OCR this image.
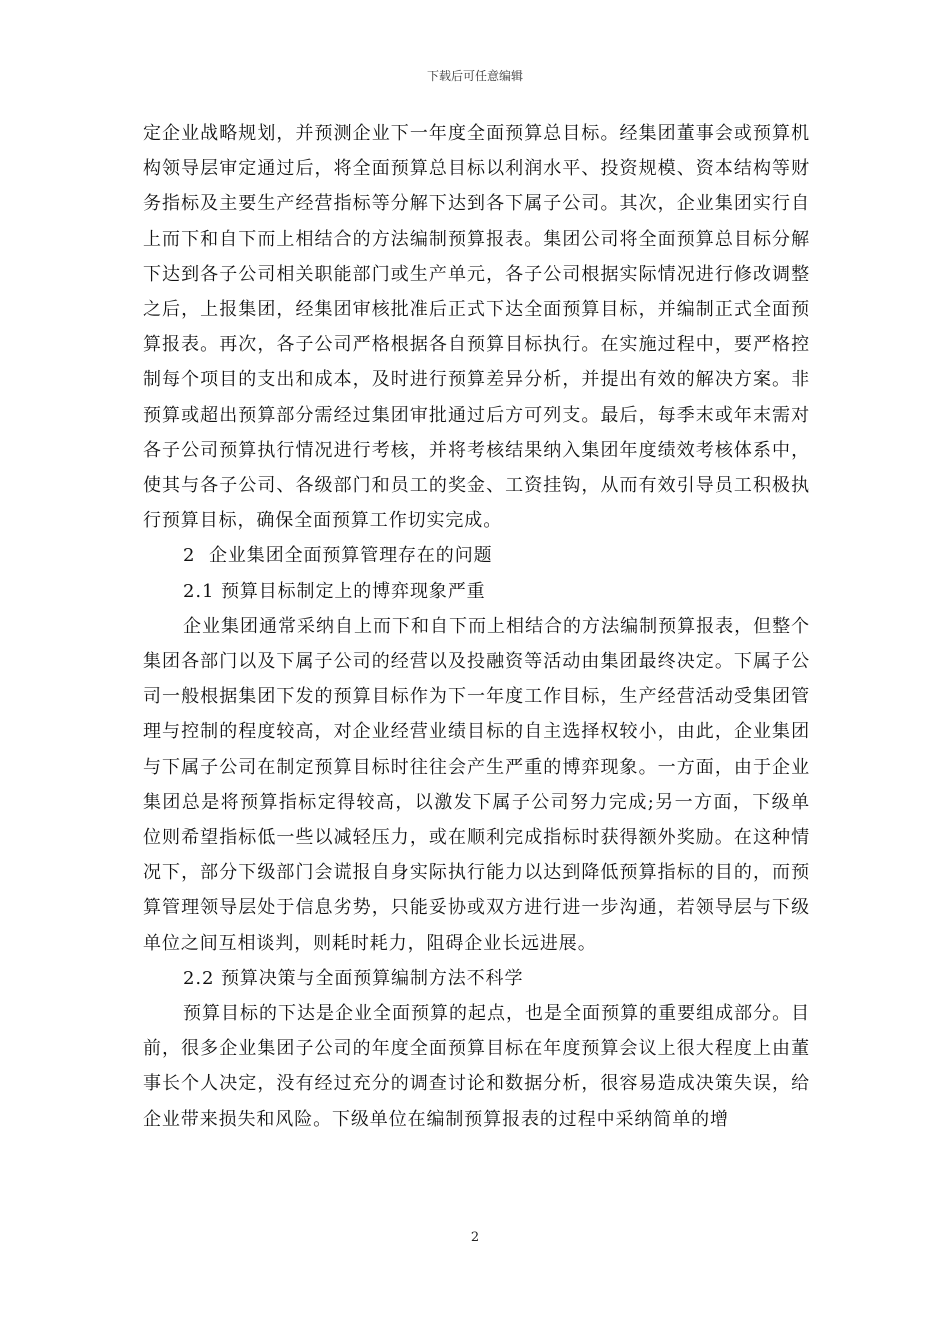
下载后可任意编辑

定企业战略规划，并预测企业下一年度全面预算总目标。经集团董事会或预算机构领导层审定通过后，将全面预算总目标以利润水平、投资规模、资本结构等财务指标及主要生产经营指标等分解下达到各下属子公司。其次，企业集团实行自上而下和自下而上相结合的方法编制预算报表。集团公司将全面预算总目标分解下达到各子公司相关职能部门或生产单元，各子公司根据实际情况进行修改调整之后，上报集团，经集团审核批准后正式下达全面预算目标，并编制正式全面预算报表。再次，各子公司严格根据各自预算目标执行。在实施过程中，要严格控制每个项目的支出和成本，及时进行预算差异分析，并提出有效的解决方案。非预算或超出预算部分需经过集团审批通过后方可列支。最后，每季末或年末需对各子公司预算执行情况进行考核，并将考核结果纳入集团年度绩效考核体系中，使其与各子公司、各级部门和员工的奖金、工资挂钩，从而有效引导员工积极执行预算目标，确保全面预算工作切实完成。

2 企业集团全面预算管理存在的问题

2.1 预算目标制定上的博弈现象严重

企业集团通常采纳自上而下和自下而上相结合的方法编制预算报表，但整个集团各部门以及下属子公司的经营以及投融资等活动由集团最终决定。下属子公司一般根据集团下发的预算目标作为下一年度工作目标，生产经营活动受集团管理与控制的程度较高，对企业经营业绩目标的自主选择权较小，由此，企业集团与下属子公司在制定预算目标时往往会产生严重的博弈现象。一方面，由于企业集团总是将预算指标定得较高，以激发下属子公司努力完成;另一方面，下级单位则希望指标低一些以减轻压力，或在顺利完成指标时获得额外奖励。在这种情况下，部分下级部门会谎报自身实际执行能力以达到降低预算指标的目的，而预算管理领导层处于信息劣势，只能妥协或双方进行进一步沟通，若领导层与下级单位之间互相谈判，则耗时耗力，阻碍企业长远进展。

2.2 预算决策与全面预算编制方法不科学

预算目标的下达是企业全面预算的起点，也是全面预算的重要组成部分。目前，很多企业集团子公司的年度全面预算目标在年度预算会议上很大程度上由董事长个人决定，没有经过充分的调查讨论和数据分析，很容易造成决策失误，给企业带来损失和风险。下级单位在编制预算报表的过程中采纳简单的增

2
